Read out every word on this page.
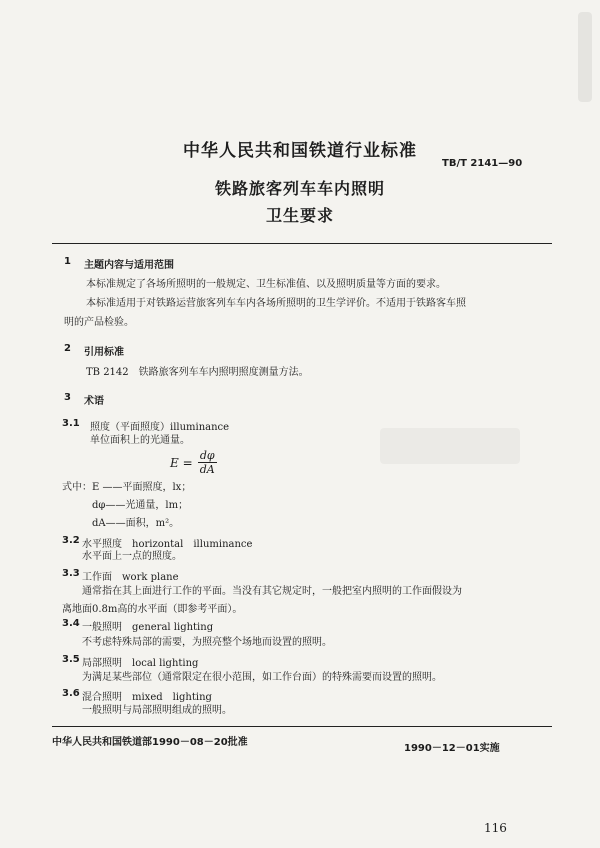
中华人民共和国铁道行业标准
TB/T 2141—90
铁路旅客列车车内照明
卫生要求
1 主题内容与适用范围
本标准规定了各场所照明的一般规定、卫生标准值、以及照明质量等方面的要求。
本标准适用于对铁路运营旅客列车车内各场所照明的卫生学评价。不适用于铁路客车照
明的产品检验。
2 引用标准
TB 2142　铁路旅客列车车内照明照度测量方法。
3 术语
3.1 照度（平面照度）illuminance
单位面积上的光通量。
$E = \frac{d\varphi}{dA}$
式中： E ——平面照度，lx；
dφ——光通量，lm；
dA——面积，m²。
3.2 水平照度　horizontal　illuminance
水平面上一点的照度。
3.3 工作面　work plane
通常指在其上面进行工作的平面。当没有其它规定时，一般把室内照明的工作面假设为
离地面0.8m高的水平面（即参考平面）。
3.4 一般照明　general lighting
不考虑特殊局部的需要，为照亮整个场地而设置的照明。
3.5 局部照明　local lighting
为满足某些部位（通常限定在很小范围，如工作台面）的特殊需要而设置的照明。
3.6 混合照明　mixed　lighting
一般照明与局部照明组成的照明。
中华人民共和国铁道部1990－08－20批准
1990－12－01实施
116
